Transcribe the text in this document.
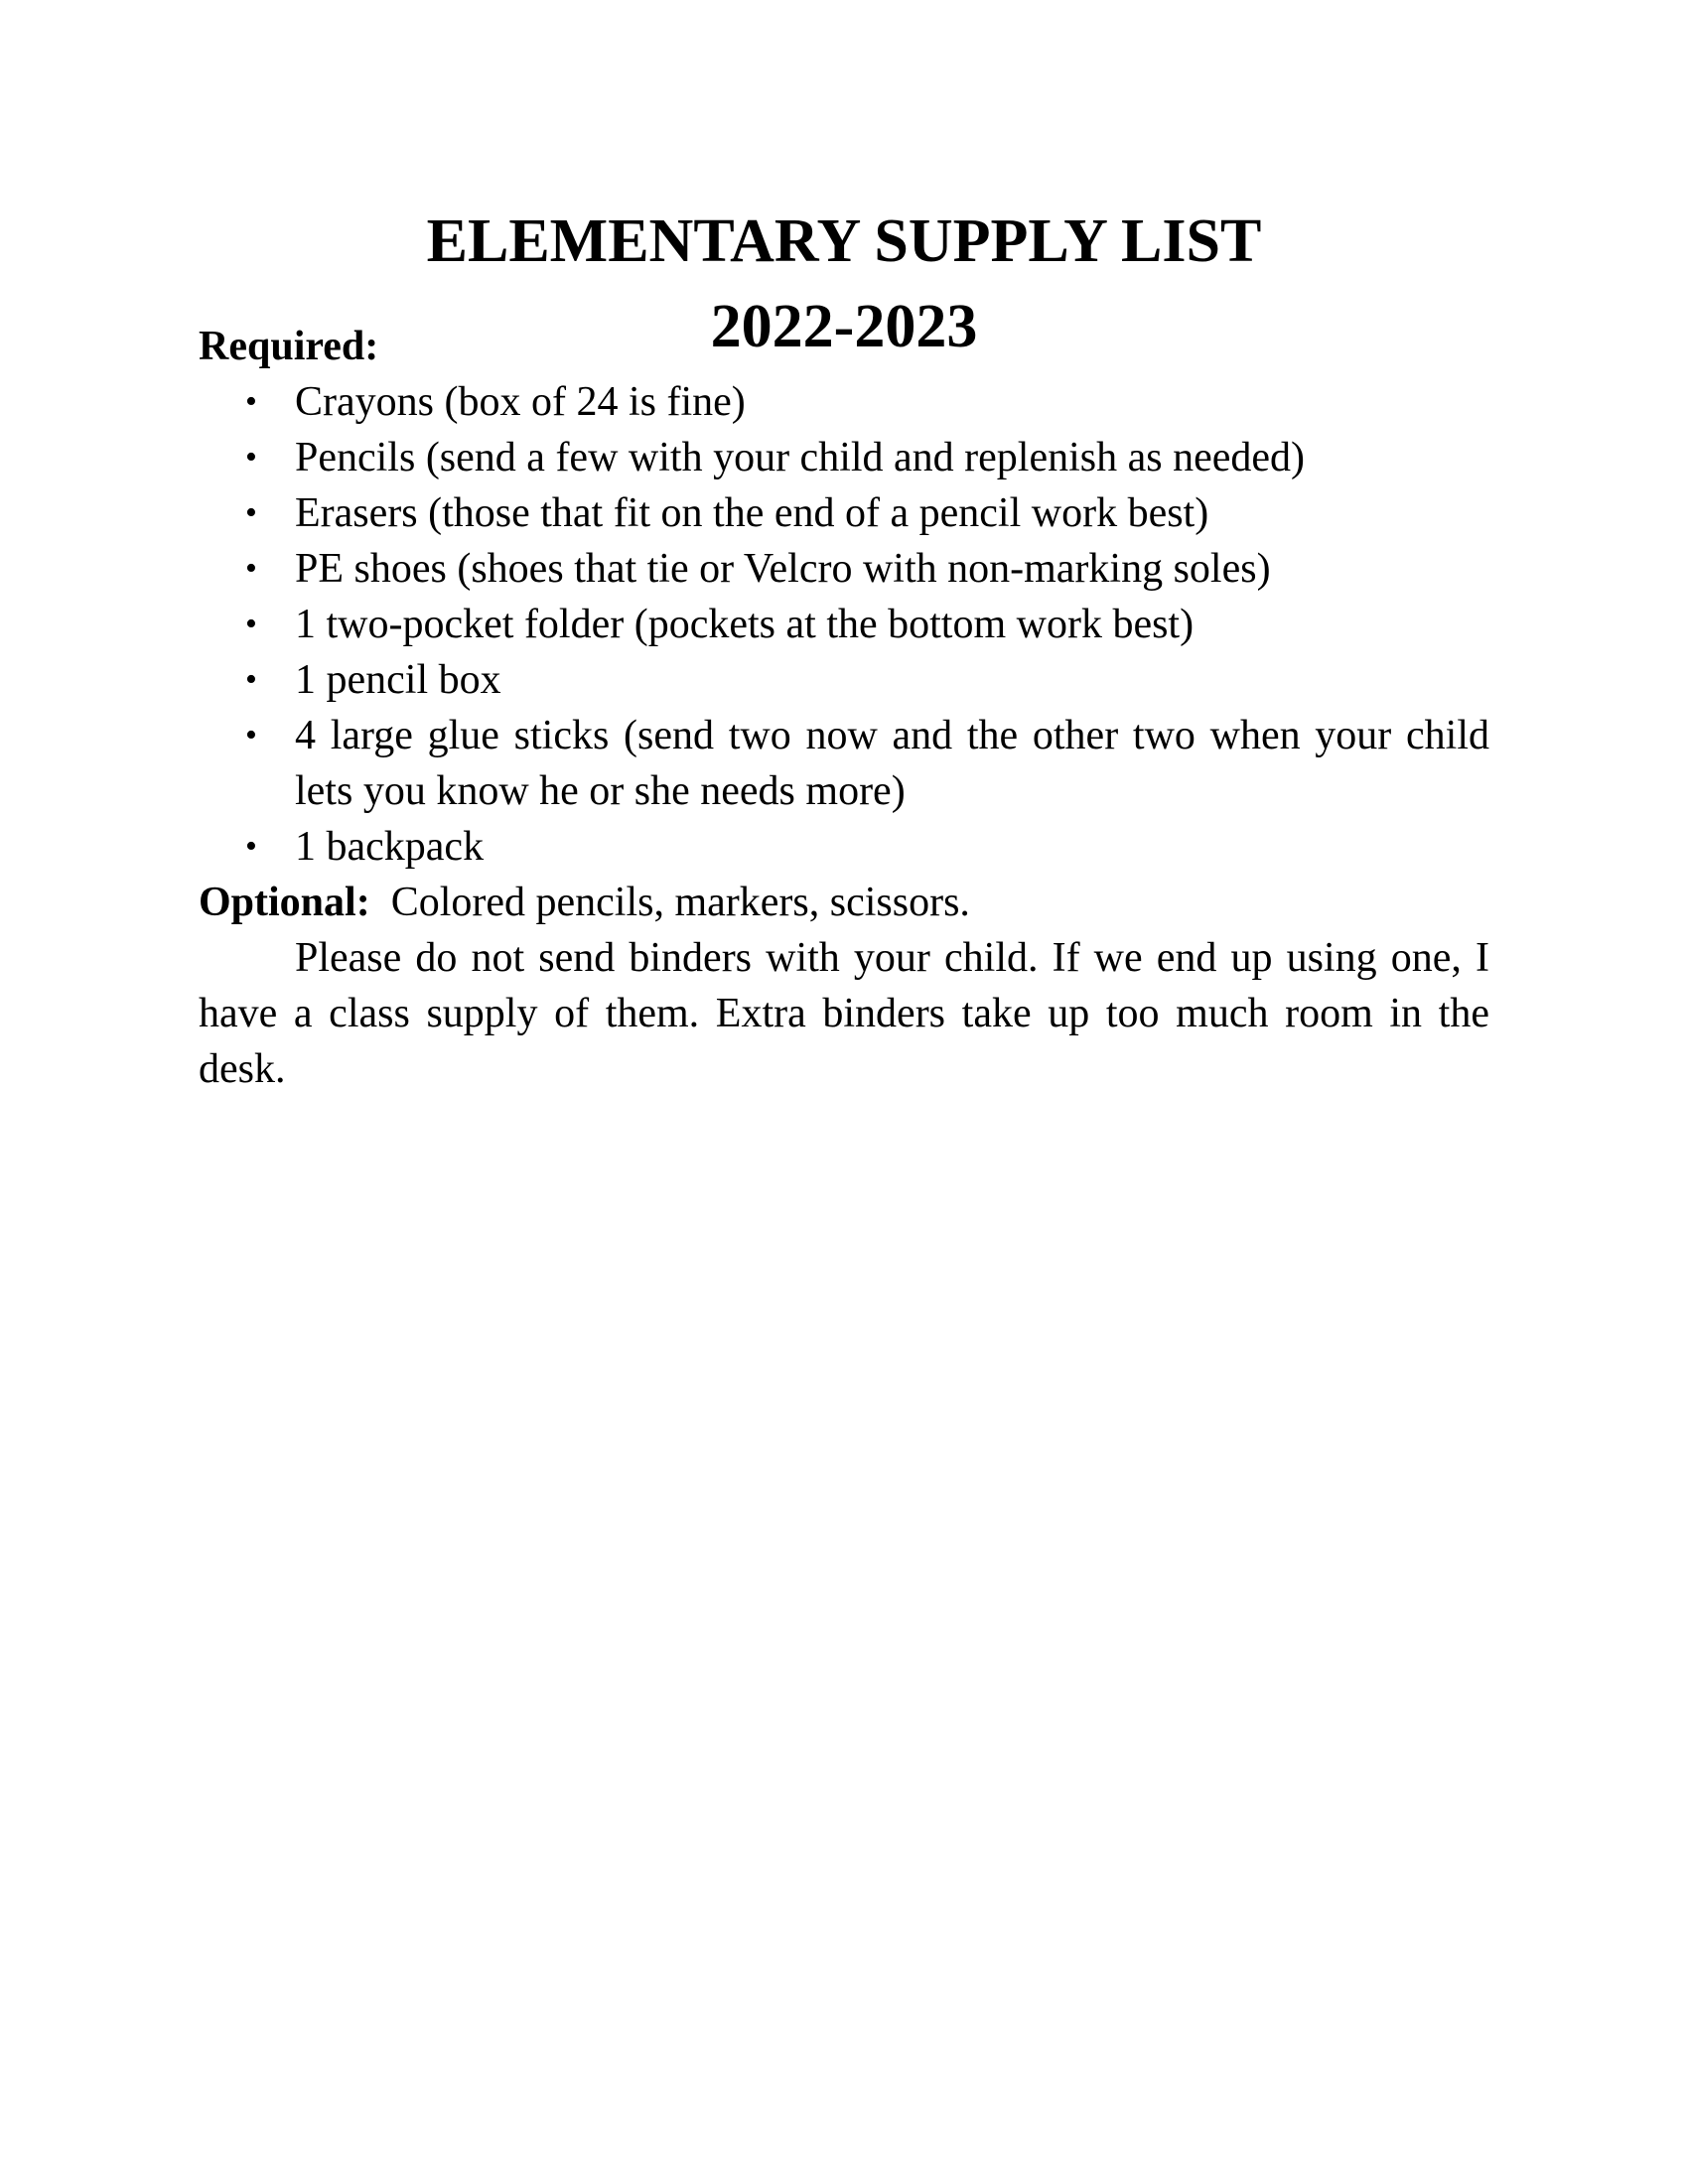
ELEMENTARY SUPPLY LIST
2022-2023
Required:
• Crayons (box of 24 is fine)
• Pencils (send a few with your child and replenish as needed)
• Erasers (those that fit on the end of a pencil work best)
• PE shoes (shoes that tie or Velcro with non-marking soles)
• 1 two-pocket folder (pockets at the bottom work best)
• 1 pencil box
• 4 large glue sticks (send two now and the other two when your child lets you know he or she needs more)
• 1 backpack
Optional: Colored pencils, markers, scissors.
Please do not send binders with your child. If we end up using one, I have a class supply of them. Extra binders take up too much room in the desk.
